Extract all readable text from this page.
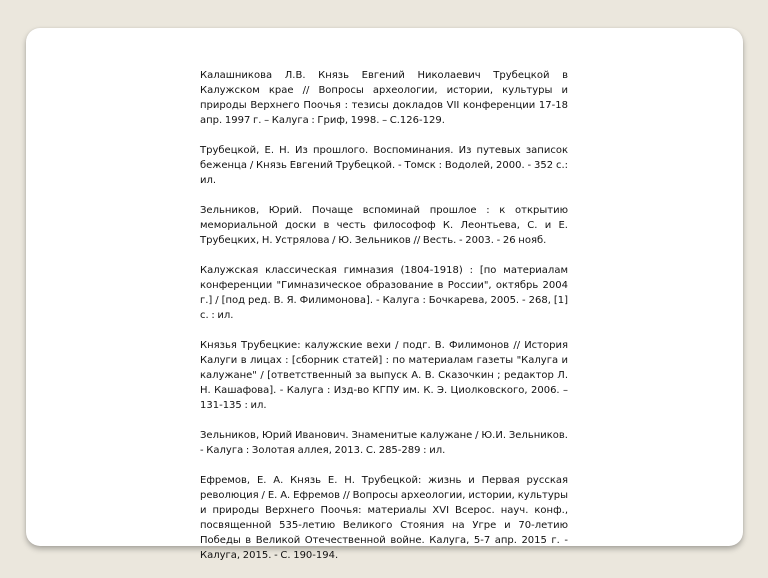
Калашникова Л.В. Князь Евгений Николаевич Трубецкой в Калужском крае // Вопросы археологии, истории, культуры и природы Верхнего Поочья : тезисы докладов VII конференции 17-18 апр. 1997 г. – Калуга : Гриф, 1998. – С.126-129.
Трубецкой, Е. Н. Из прошлого. Воспоминания. Из путевых записок беженца / Князь Евгений Трубецкой. - Томск : Водолей, 2000. - 352 с.: ил.
Зельников, Юрий. Почаще вспоминай прошлое : к открытию мемориальной доски в честь философоф К. Леонтьева, С. и Е. Трубецких, Н. Устрялова / Ю. Зельников // Весть. - 2003. - 26 нояб.
Калужская классическая гимназия (1804-1918) : [по материалам конференции "Гимназическое образование в России", октябрь 2004 г.] / [под ред. В. Я. Филимонова]. - Калуга : Бочкарева, 2005. - 268, [1] с. : ил.
Князья Трубецкие: калужские вехи / подг. В. Филимонов // История Калуги в лицах : [сборник статей] : по материалам газеты "Калуга и калужане" / [ответственный за выпуск А. В. Сказочкин ; редактор Л. Н. Кашафова]. - Калуга : Изд-во КГПУ им. К. Э. Циолковского, 2006. – 131-135 : ил.
Зельников, Юрий Иванович. Знаменитые калужане / Ю.И. Зельников. - Калуга : Золотая аллея, 2013. С. 285-289 : ил.
Ефремов, Е. А. Князь Е. Н. Трубецкой: жизнь и Первая русская революция / Е. А. Ефремов // Вопросы археологии, истории, культуры и природы Верхнего Поочья: материалы XVI Всерос. науч. конф., посвященной 535-летию Великого Стояния на Угре и 70-летию Победы в Великой Отечественной войне. Калуга, 5-7 апр. 2015 г. - Калуга, 2015. - С. 190-194.
